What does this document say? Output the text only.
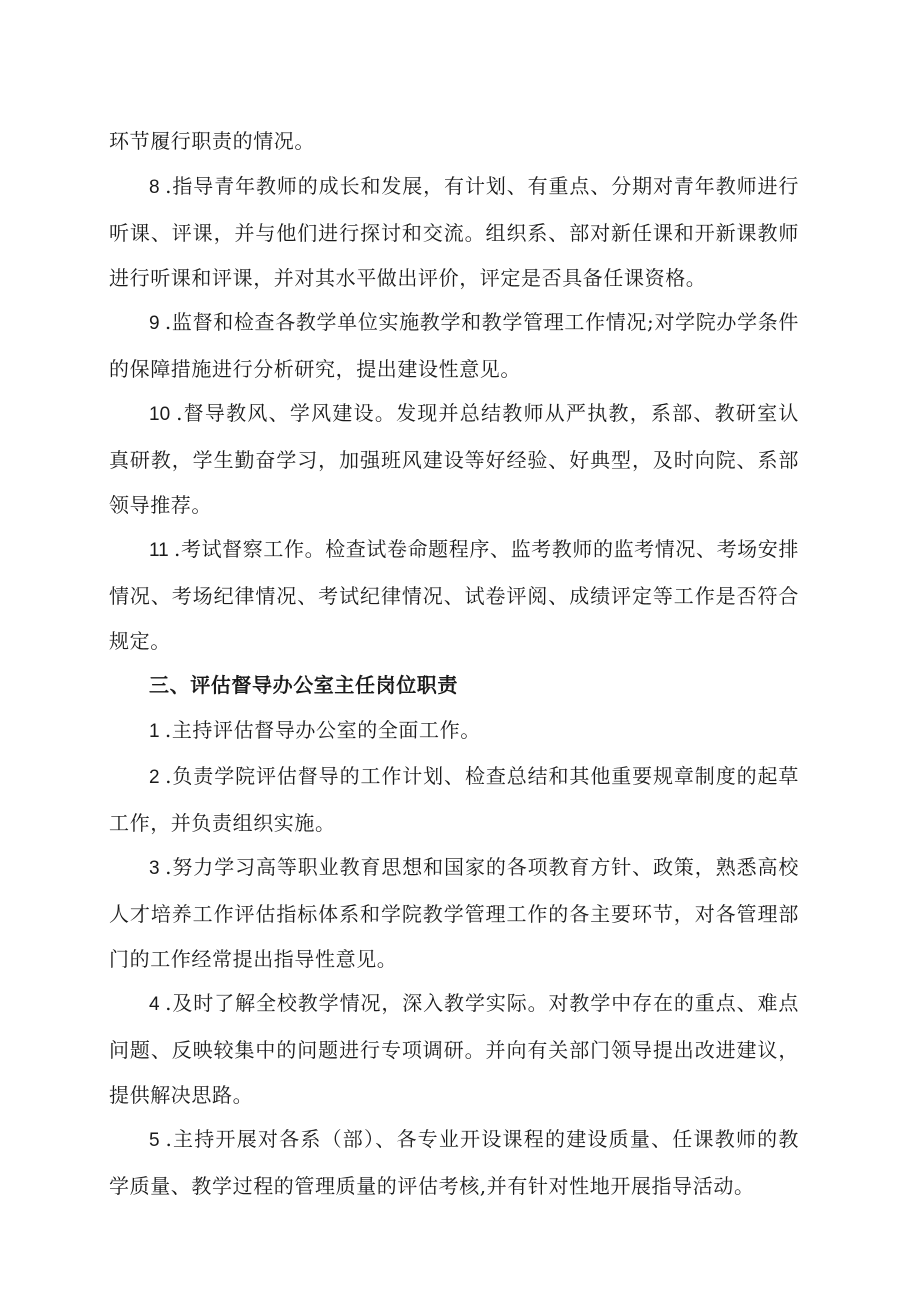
环节履行职责的情况。

8 .指导青年教师的成长和发展，有计划、有重点、分期对青年教师进行听课、评课，并与他们进行探讨和交流。组织系、部对新任课和开新课教师进行听课和评课，并对其水平做出评价，评定是否具备任课资格。

9 .监督和检查各教学单位实施教学和教学管理工作情况;对学院办学条件的保障措施进行分析研究，提出建设性意见。

10 .督导教风、学风建设。发现并总结教师从严执教，系部、教研室认真研教，学生勤奋学习，加强班风建设等好经验、好典型，及时向院、系部领导推荐。

11 .考试督察工作。检查试卷命题程序、监考教师的监考情况、考场安排情况、考场纪律情况、考试纪律情况、试卷评阅、成绩评定等工作是否符合规定。

三、评估督导办公室主任岗位职责

1 .主持评估督导办公室的全面工作。

2 .负责学院评估督导的工作计划、检查总结和其他重要规章制度的起草工作，并负责组织实施。

3 .努力学习高等职业教育思想和国家的各项教育方针、政策，熟悉高校人才培养工作评估指标体系和学院教学管理工作的各主要环节，对各管理部门的工作经常提出指导性意见。

4 .及时了解全校教学情况，深入教学实际。对教学中存在的重点、难点问题、反映较集中的问题进行专项调研。并向有关部门领导提出改进建议，提供解决思路。

5 .主持开展对各系（部）、各专业开设课程的建设质量、任课教师的教学质量、教学过程的管理质量的评估考核,并有针对性地开展指导活动。
